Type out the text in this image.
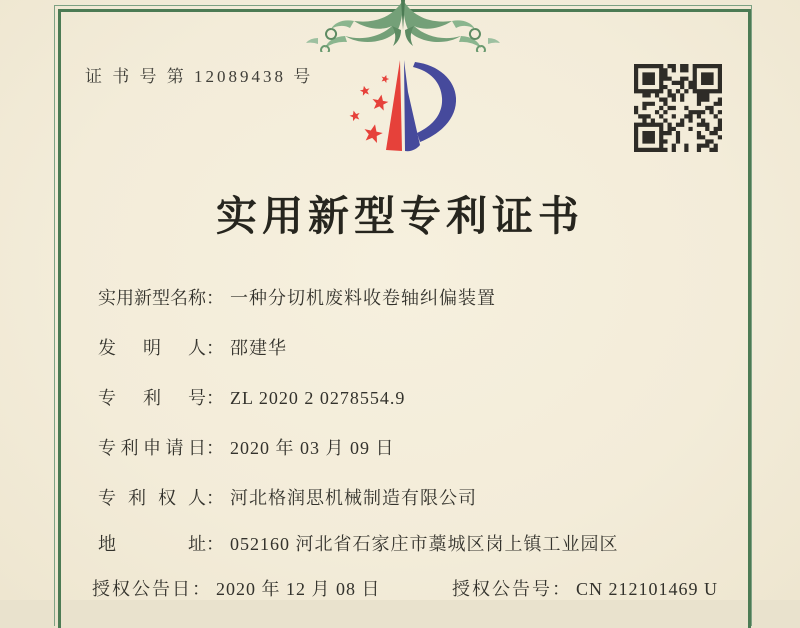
证 书 号 第 12089438 号
实用新型专利证书
实用新型名称： 一种分切机废料收卷轴纠偏装置
发明人： 邵建华
专利号： ZL 2020 2 0278554.9
专利申请日： 2020 年 03 月 09 日
专利权人： 河北格润思机械制造有限公司
地址： 052160 河北省石家庄市藁城区岗上镇工业园区
授权公告日： 2020 年 12 月 08 日	授权公告号： CN 212101469 U
